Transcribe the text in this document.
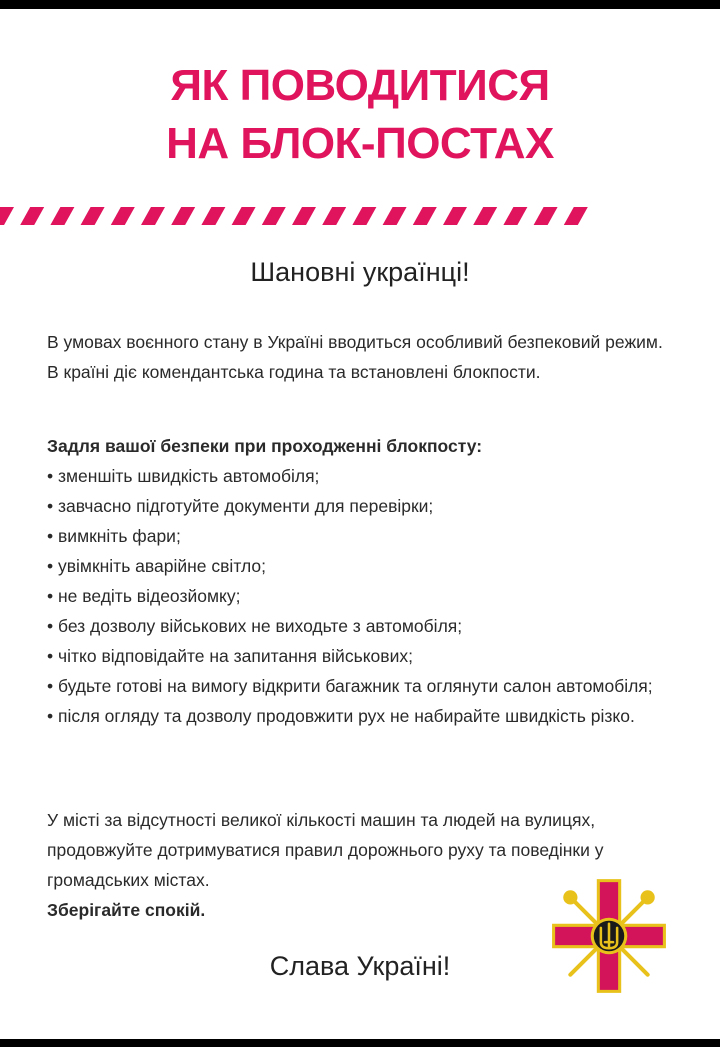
ЯК ПОВОДИТИСЯ
НА БЛОК-ПОСТАХ
Шановні українці!
В умовах воєнного стану в Україні вводиться особливий безпековий режим. В країні діє комендантська година та встановлені блокпости.
Задля вашої безпеки при проходженні блокпосту:
• зменшіть швидкість автомобіля;
• завчасно підготуйте документи для перевірки;
• вимкніть фари;
• увімкніть аварійне світло;
• не ведіть відеозйомку;
• без дозволу військових не виходьте з автомобіля;
• чітко відповідайте на запитання військових;
• будьте готові на вимогу відкрити багажник та оглянути салон автомобіля;
• після огляду та дозволу продовжити рух не набирайте швидкість різко.
У місті за відсутності великої кількості машин та людей на вулицях, продовжуйте дотримуватися правил дорожнього руху та поведінки у громадських містах.
Зберігайте спокій.
Слава Україні!
